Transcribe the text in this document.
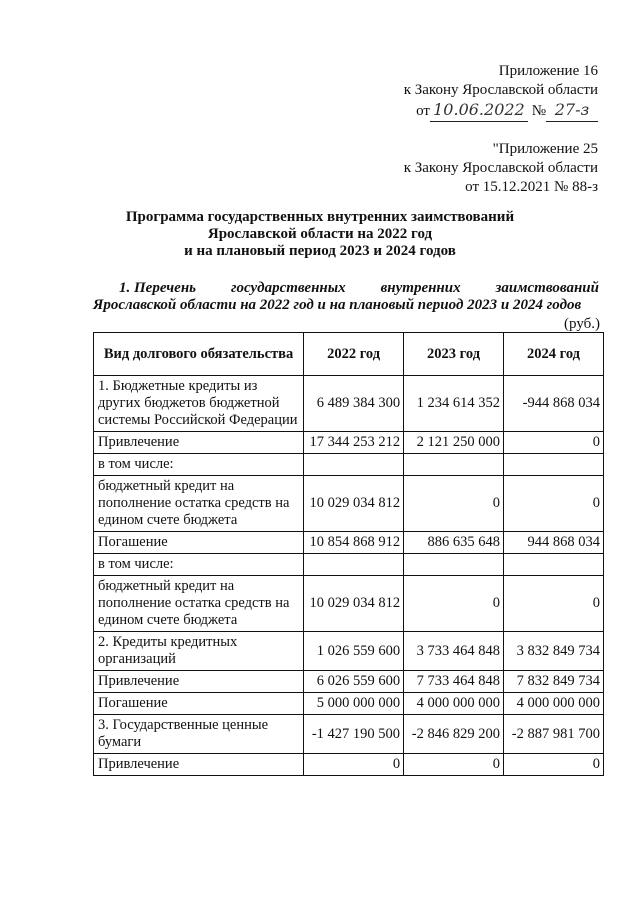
Приложение 16
к Закону Ярославской области
от 10.06.2022 № 27-з
"Приложение 25
к Закону Ярославской области
от 15.12.2021 № 88-з
Программа государственных внутренних заимствований
Ярославской области на 2022 год
и на плановый период 2023 и 2024 годов
1. Перечень государственных внутренних заимствований
Ярославской области на 2022 год и на плановый период 2023 и 2024 годов
(руб.)
Вид долгового обязательства	2022 год	2023 год	2024 год
1. Бюджетные кредиты из других бюджетов бюджетной системы Российской Федерации	6 489 384 300	1 234 614 352	-944 868 034
Привлечение	17 344 253 212	2 121 250 000	0
в том числе:			
бюджетный кредит на пополнение остатка средств на едином счете бюджета	10 029 034 812	0	0
Погашение	10 854 868 912	886 635 648	944 868 034
в том числе:			
бюджетный кредит на пополнение остатка средств на едином счете бюджета	10 029 034 812	0	0
2. Кредиты кредитных организаций	1 026 559 600	3 733 464 848	3 832 849 734
Привлечение	6 026 559 600	7 733 464 848	7 832 849 734
Погашение	5 000 000 000	4 000 000 000	4 000 000 000
3. Государственные ценные бумаги	-1 427 190 500	-2 846 829 200	-2 887 981 700
Привлечение	0	0	0
